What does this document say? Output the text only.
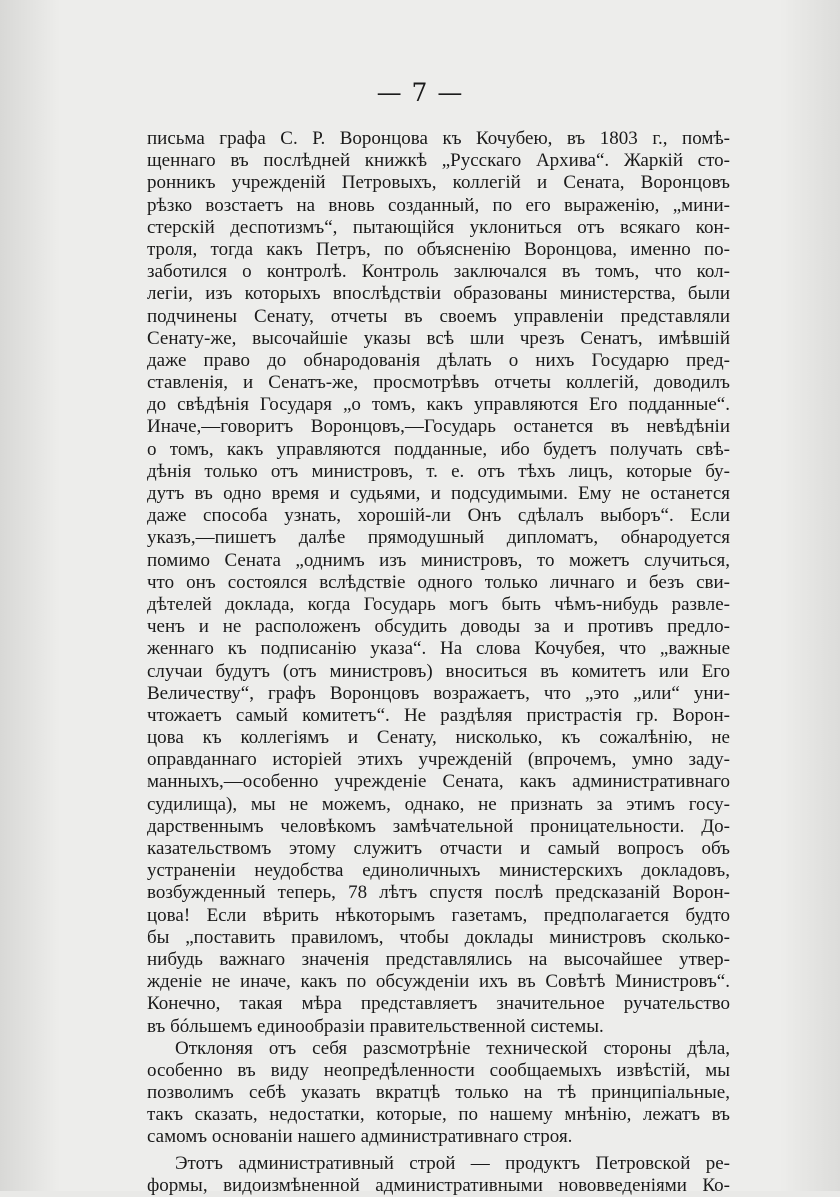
— 7 —
письма графа С. Р. Воронцова къ Кочубею, въ 1803 г., помѣ-
щеннаго въ послѣдней книжкѣ „Русскаго Архива“. Жаркій сто-
ронникъ учрежденій Петровыхъ, коллегій и Сената, Воронцовъ
рѣзко возстаетъ на вновь созданный, по его выраженію, „мини-
стерскій деспотизмъ“, пытающійся уклониться отъ всякаго кон-
троля, тогда какъ Петръ, по объясненію Воронцова, именно по-
заботился о контролѣ. Контроль заключался въ томъ, что кол-
легіи, изъ которыхъ впослѣдствіи образованы министерства, были
подчинены Сенату, отчеты въ своемъ управленіи представляли
Сенату-же, высочайшіе указы всѣ шли чрезъ Сенатъ, имѣвшій
даже право до обнародованія дѣлать о нихъ Государю пред-
ставленія, и Сенатъ-же, просмотрѣвъ отчеты коллегій, доводилъ
до свѣдѣнія Государя „о томъ, какъ управляются Его подданные“.
Иначе,—говоритъ Воронцовъ,—Государь останется въ невѣдѣніи
о томъ, какъ управляются подданные, ибо будетъ получать свѣ-
дѣнія только отъ министровъ, т. е. отъ тѣхъ лицъ, которые бу-
дутъ въ одно время и судьями, и подсудимыми. Ему не останется
даже способа узнать, хорошій-ли Онъ сдѣлалъ выборъ“. Если
указъ,—пишетъ далѣе прямодушный дипломатъ, обнародуется
помимо Сената „однимъ изъ министровъ, то можетъ случиться,
что онъ состоялся вслѣдствіе одного только личнаго и безъ сви-
дѣтелей доклада, когда Государь могъ быть чѣмъ-нибудь развле-
ченъ и не расположенъ обсудить доводы за и противъ предло-
женнаго къ подписанію указа“. На слова Кочубея, что „важные
случаи будутъ (отъ министровъ) вноситься въ комитетъ или Его
Величеству“, графъ Воронцовъ возражаетъ, что „это „или“ уни-
чтожаетъ самый комитетъ“. Не раздѣляя пристрастія гр. Ворон-
цова къ коллегіямъ и Сенату, нисколько, къ сожалѣнію, не
оправданнаго исторіей этихъ учрежденій (впрочемъ, умно заду-
манныхъ,—особенно учрежденіе Сената, какъ административнаго
судилища), мы не можемъ, однако, не признать за этимъ госу-
дарственнымъ человѣкомъ замѣчательной проницательности. До-
казательствомъ этому служитъ отчасти и самый вопросъ объ
устраненіи неудобства единоличныхъ министерскихъ докладовъ,
возбужденный теперь, 78 лѣтъ спустя послѣ предсказаній Ворон-
цова! Если вѣрить нѣкоторымъ газетамъ, предполагается будто
бы „поставить правиломъ, чтобы доклады министровъ сколько-
нибудь важнаго значенія представлялись на высочайшее утвер-
жденіе не иначе, какъ по обсужденіи ихъ въ Совѣтѣ Министровъ“.
Конечно, такая мѣра представляетъ значительное ручательство
въ бóльшемъ единообразіи правительственной системы.
Отклоняя отъ себя разсмотрѣніе технической стороны дѣла,
особенно въ виду неопредѣленности сообщаемыхъ извѣстій, мы
позволимъ себѣ указать вкратцѣ только на тѣ принципіальные,
такъ сказать, недостатки, которые, по нашему мнѣнію, лежатъ въ
самомъ основаніи нашего административнаго строя.
Этотъ административный строй — продуктъ Петровской ре-
формы, видоизмѣненной административными нововведеніями Ко-
